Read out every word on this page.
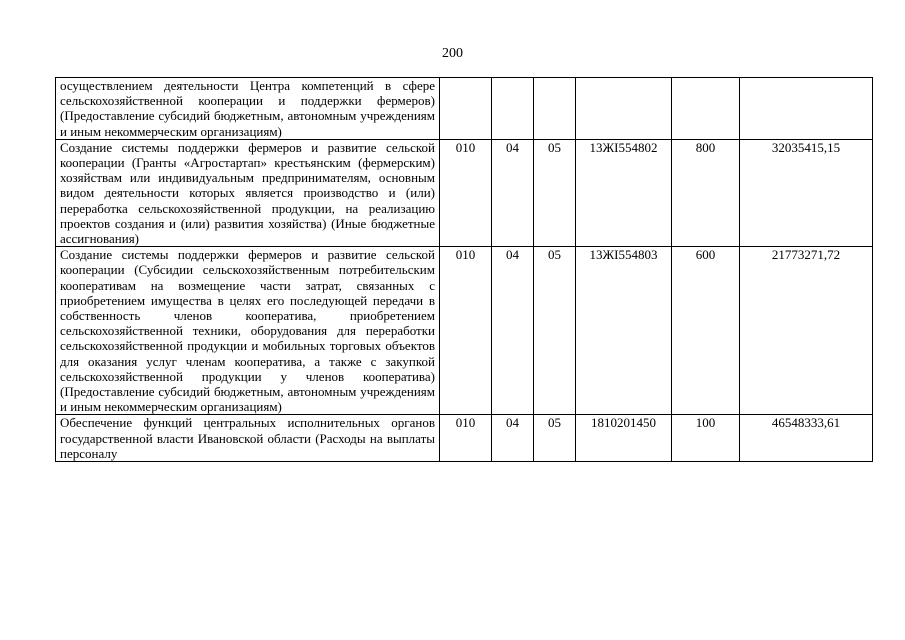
200
осуществлением деятельности Центра компетенций в сфере сельскохозяйственной кооперации и поддержки фермеров) (Предоставление субсидий бюджетным, автономным учреждениям и иным некоммерческим организациям)						
Создание системы поддержки фермеров и развитие сельской кооперации (Гранты «Агростартап» крестьянским (фермерским) хозяйствам или индивидуальным предпринимателям, основным видом деятельности которых является производство и (или) переработка сельскохозяйственной продукции, на реализацию проектов создания и (или) развития хозяйства) (Иные бюджетные ассигнования)	010	04	05	13ЖI554802	800	32035415,15
Создание системы поддержки фермеров и развитие сельской кооперации (Субсидии сельскохозяйственным потребительским кооперативам на возмещение части затрат, связанных с приобретением имущества в целях его последующей передачи в собственность членов кооператива, приобретением сельскохозяйственной техники, оборудования для переработки сельскохозяйственной продукции и мобильных торговых объектов для оказания услуг членам кооператива, а также с закупкой сельскохозяйственной продукции у членов кооператива) (Предоставление субсидий бюджетным, автономным учреждениям и иным некоммерческим организациям)	010	04	05	13ЖI554803	600	21773271,72

Обеспечение функций центральных исполнительных органов государственной власти Ивановской области (Расходы на выплаты персоналу	010	04	05	1810201450	100	46548333,61
